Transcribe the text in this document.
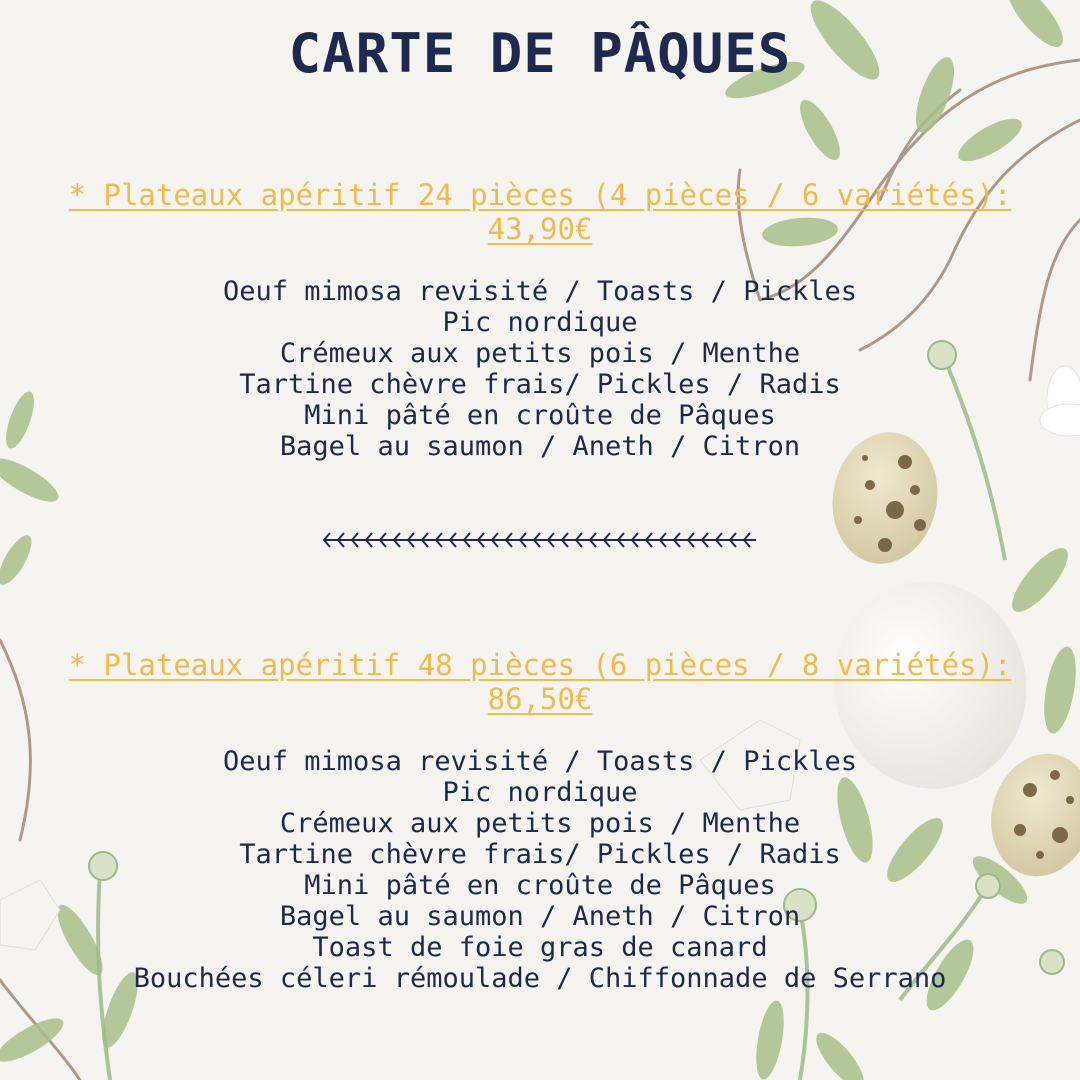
CARTE DE PÂQUES

* Plateaux apéritif 24 pièces (4 pièces / 6 variétés):
43,90€

Oeuf mimosa revisité / Toasts / Pickles
Pic nordique
Crémeux aux petits pois / Menthe
Tartine chèvre frais/ Pickles / Radis
Mini pâté en croûte de Pâques
Bagel au saumon / Aneth / Citron

* Plateaux apéritif 48 pièces (6 pièces / 8 variétés):
86,50€

Oeuf mimosa revisité / Toasts / Pickles
Pic nordique
Crémeux aux petits pois / Menthe
Tartine chèvre frais/ Pickles / Radis
Mini pâté en croûte de Pâques
Bagel au saumon / Aneth / Citron
Toast de foie gras de canard
Bouchées céleri rémoulade / Chiffonnade de Serrano
